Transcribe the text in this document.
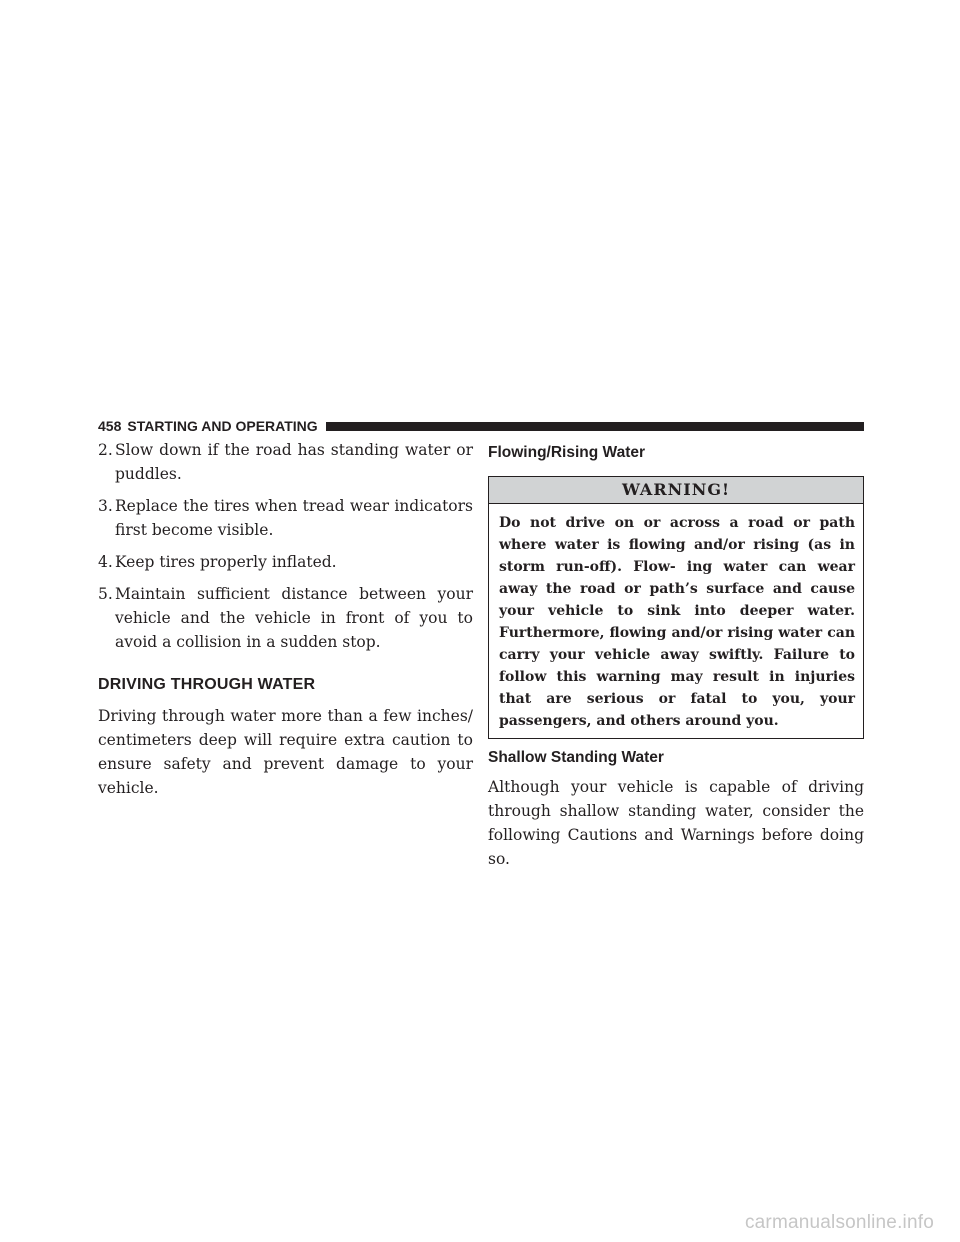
458 STARTING AND OPERATING
2. Slow down if the road has standing water or puddles.
3. Replace the tires when tread wear indicators first become visible.
4. Keep tires properly inflated.
5. Maintain sufficient distance between your vehicle and the vehicle in front of you to avoid a collision in a sudden stop.
DRIVING THROUGH WATER

Driving through water more than a few inches/ centimeters deep will require extra caution to ensure safety and prevent damage to your vehicle.

Flowing/Rising Water
WARNING!
Do not drive on or across a road or path where water is flowing and/or rising (as in storm run-off). Flow- ing water can wear away the road or path’s surface and cause your vehicle to sink into deeper water. Furthermore, flowing and/or rising water can carry your vehicle away swiftly. Failure to follow this warning may result in injuries that are serious or fatal to you, your passengers, and others around you.
Shallow Standing Water

Although your vehicle is capable of driving through shallow standing water, consider the following Cautions and Warnings before doing so.

carmanualsonline.info
